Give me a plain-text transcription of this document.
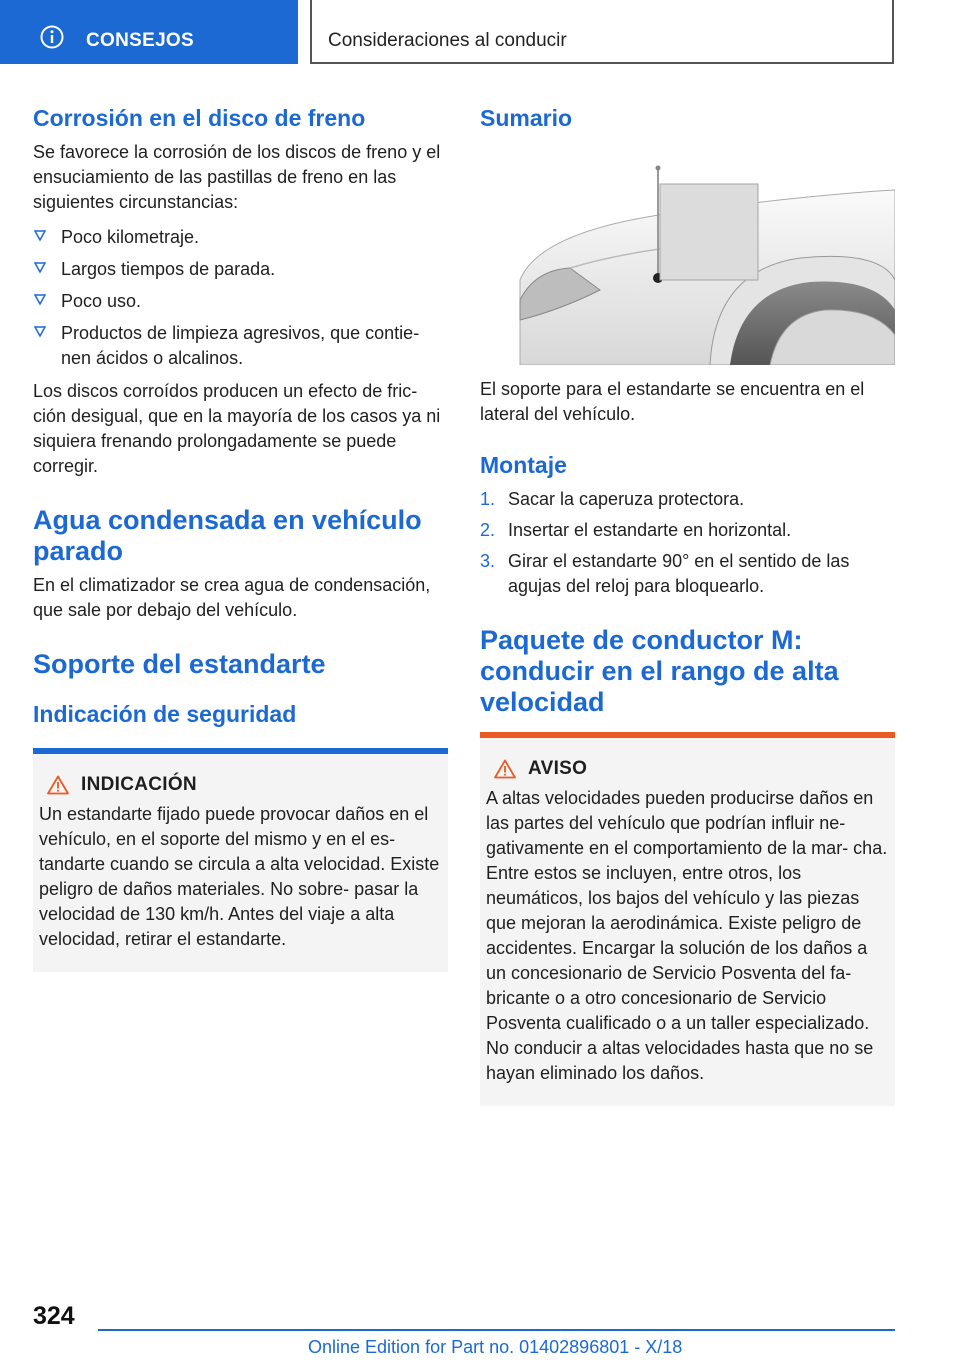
CONSEJOS	Consideraciones al conducir
Corrosión en el disco de freno

Se favorece la corrosión de los discos de freno y el ensuciamiento de las pastillas de freno en las siguientes circunstancias:

Poco kilometraje.
Largos tiempos de parada.
Poco uso.
Productos de limpieza agresivos, que contie- nen ácidos o alcalinos.

Los discos corroídos producen un efecto de fric- ción desigual, que en la mayoría de los casos ya ni siquiera frenando prolongadamente se puede corregir.

Agua condensada en vehículo parado

En el climatizador se crea agua de condensación, que sale por debajo del vehículo.

Soporte del estandarte
Indicación de seguridad
INDICACIÓN

Un estandarte fijado puede provocar daños en el vehículo, en el soporte del mismo y en el es- tandarte cuando se circula a alta velocidad. Existe peligro de daños materiales. No sobre- pasar la velocidad de 130 km/h. Antes del viaje a alta velocidad, retirar el estandarte.

Sumario

El soporte para el estandarte se encuentra en el lateral del vehículo.

Montaje
1. Sacar la caperuza protectora.
2. Insertar el estandarte en horizontal.
3. Girar el estandarte 90° en el sentido de las agujas del reloj para bloquearlo.
Paquete de conductor M: conducir en el rango de alta velocidad
AVISO

A altas velocidades pueden producirse daños en las partes del vehículo que podrían influir ne- gativamente en el comportamiento de la mar- cha. Entre estos se incluyen, entre otros, los neumáticos, los bajos del vehículo y las piezas que mejoran la aerodinámica. Existe peligro de accidentes. Encargar la solución de los daños a un concesionario de Servicio Posventa del fa- bricante o a otro concesionario de Servicio Posventa cualificado o a un taller especializado. No conducir a altas velocidades hasta que no se hayan eliminado los daños.

324
Online Edition for Part no. 01402896801 - X/18
